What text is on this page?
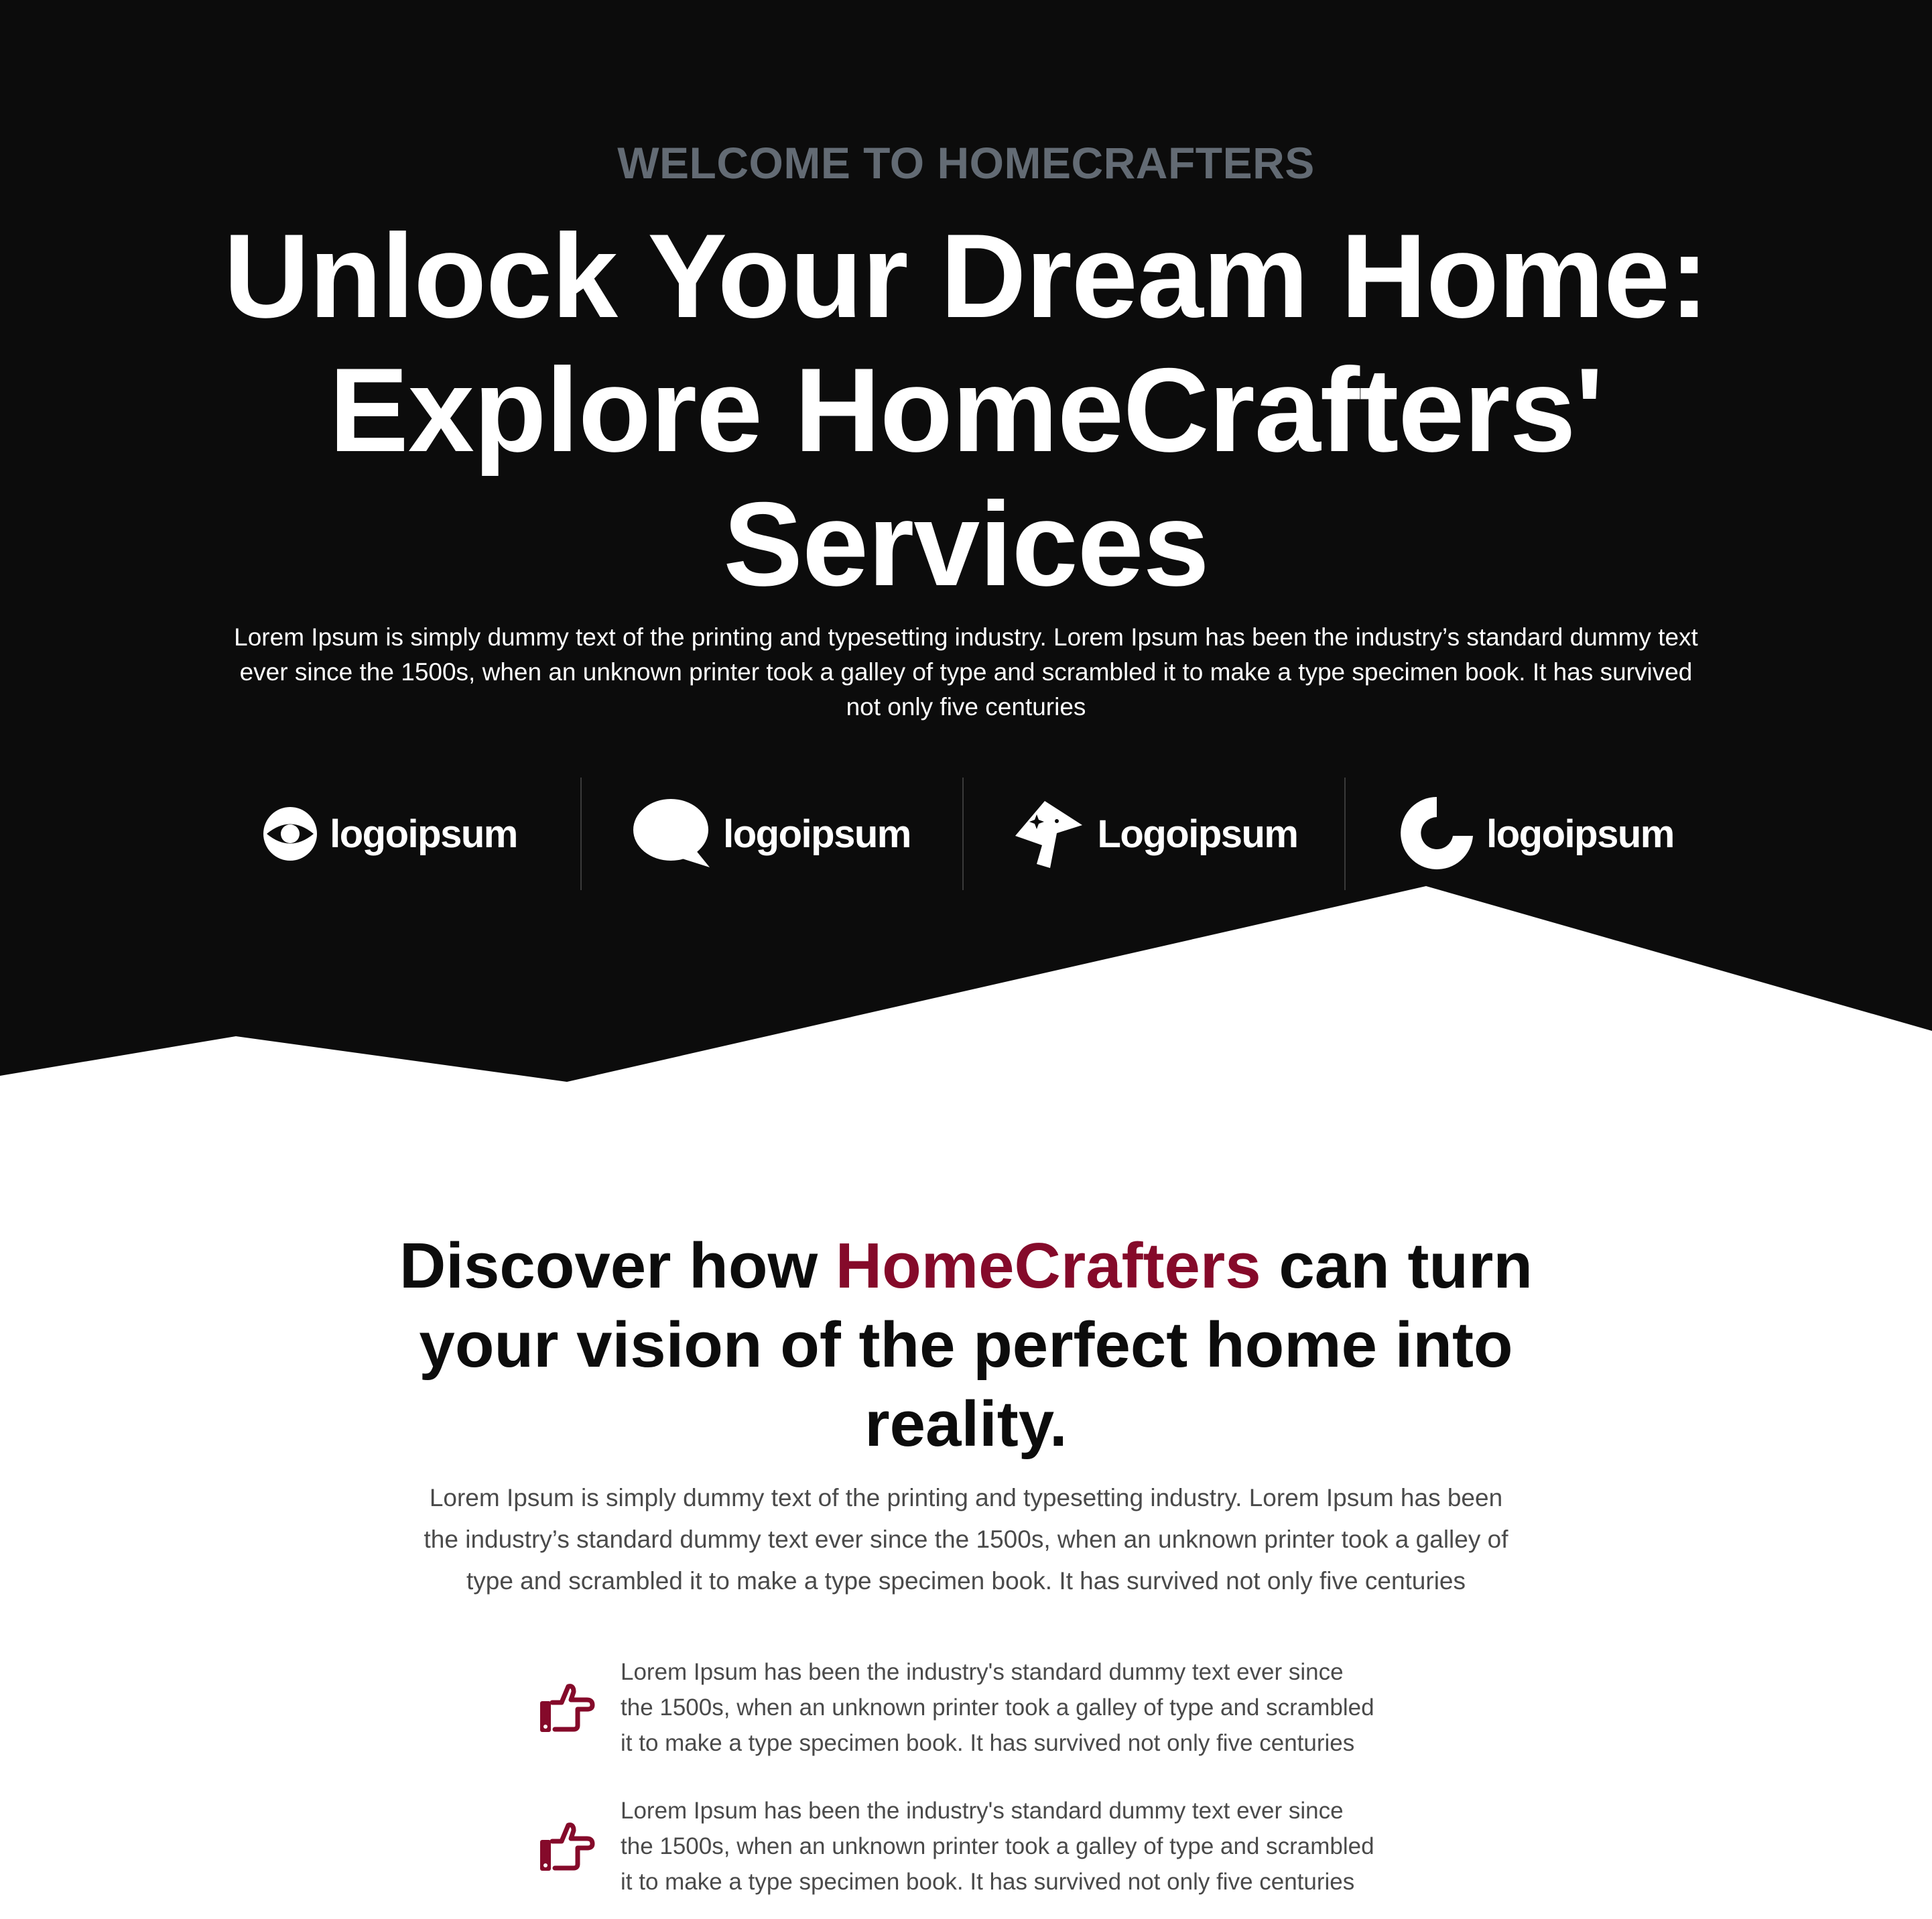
WELCOME TO HOMECRAFTERS
Unlock Your Dream Home: Explore HomeCrafters' Services

Lorem Ipsum is simply dummy text of the printing and typesetting industry. Lorem Ipsum has been the industry’s standard dummy text ever since the 1500s, when an unknown printer took a galley of type and scrambled it to make a type specimen book. It has survived not only five centuries

logoipsum	logoipsum	Logoipsum	logoipsum
Discover how HomeCrafters can turn your vision of the perfect home into reality.

Lorem Ipsum is simply dummy text of the printing and typesetting industry. Lorem Ipsum has been the industry’s standard dummy text ever since the 1500s, when an unknown printer took a galley of type and scrambled it to make a type specimen book. It has survived not only five centuries

Lorem Ipsum has been the industry's standard dummy text ever since the 1500s, when an unknown printer took a galley of type and scrambled it to make a type specimen book. It has survived not only five centuries

Lorem Ipsum has been the industry's standard dummy text ever since the 1500s, when an unknown printer took a galley of type and scrambled it to make a type specimen book. It has survived not only five centuries
